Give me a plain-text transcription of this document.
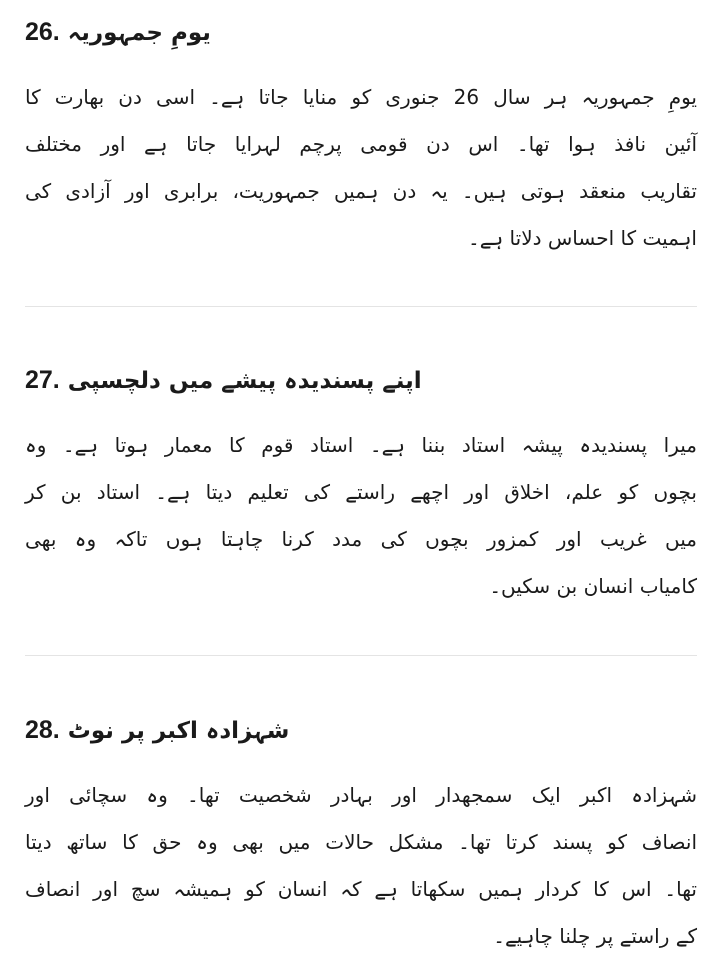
26. یومِ جمہوریہ
یومِ جمہوریہ ہر سال 26 جنوری کو منایا جاتا ہے۔ اسی دن بھارت کا
آئین نافذ ہوا تھا۔ اس دن قومی پرچم لہرایا جاتا ہے اور مختلف
تقاریب منعقد ہوتی ہیں۔ یہ دن ہمیں جمہوریت، برابری اور آزادی کی
اہمیت کا احساس دلاتا ہے۔
27. اپنے پسندیدہ پیشے میں دلچسپی
میرا پسندیدہ پیشہ استاد بننا ہے۔ استاد قوم کا معمار ہوتا ہے۔ وہ
بچوں کو علم، اخلاق اور اچھے راستے کی تعلیم دیتا ہے۔ استاد بن کر
میں غریب اور کمزور بچوں کی مدد کرنا چاہتا ہوں تاکہ وہ بھی
کامیاب انسان بن سکیں۔
28. شہزادہ اکبر پر نوٹ
شہزادہ اکبر ایک سمجھدار اور بہادر شخصیت تھا۔ وہ سچائی اور
انصاف کو پسند کرتا تھا۔ مشکل حالات میں بھی وہ حق کا ساتھ دیتا
تھا۔ اس کا کردار ہمیں سکھاتا ہے کہ انسان کو ہمیشہ سچ اور انصاف
کے راستے پر چلنا چاہیے۔
